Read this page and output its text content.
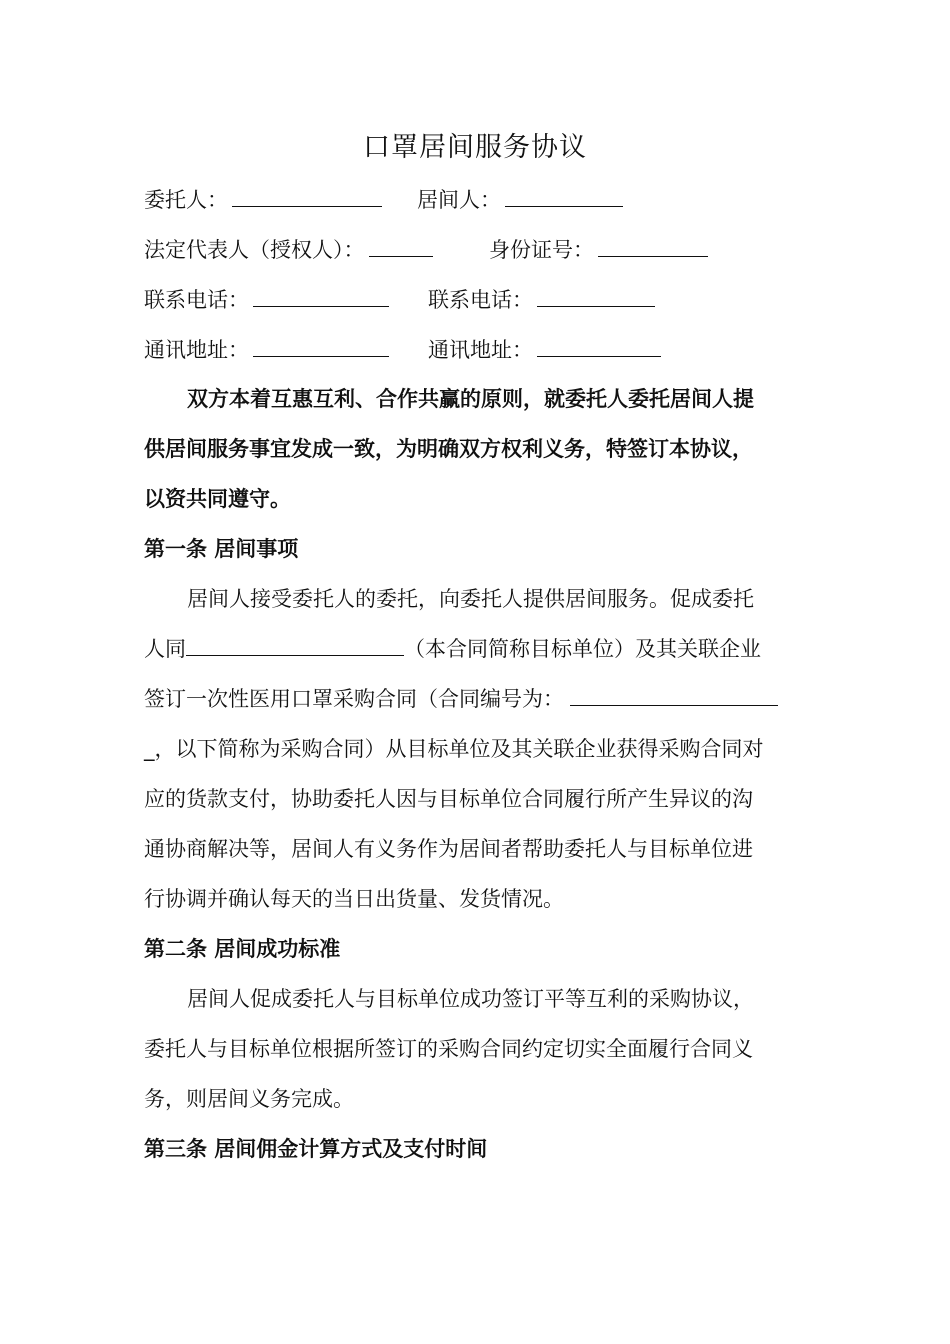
口罩居间服务协议
委托人：	居间人：
法定代表人（授权人）：	身份证号：
联系电话：	联系电话：
通讯地址：	通讯地址：
双方本着互惠互利、合作共赢的原则，就委托人委托居间人提
供居间服务事宜发成一致，为明确双方权利义务，特签订本协议，
以资共同遵守。
第一条 居间事项
居间人接受委托人的委托，向委托人提供居间服务。促成委托
人同	（本合同简称目标单位）及其关联企业
签订一次性医用口罩采购合同（合同编号为：
_，以下简称为采购合同）从目标单位及其关联企业获得采购合同对
应的货款支付，协助委托人因与目标单位合同履行所产生异议的沟
通协商解决等，居间人有义务作为居间者帮助委托人与目标单位进
行协调并确认每天的当日出货量、发货情况。
第二条 居间成功标准
居间人促成委托人与目标单位成功签订平等互利的采购协议，
委托人与目标单位根据所签订的采购合同约定切实全面履行合同义
务，则居间义务完成。
第三条 居间佣金计算方式及支付时间
